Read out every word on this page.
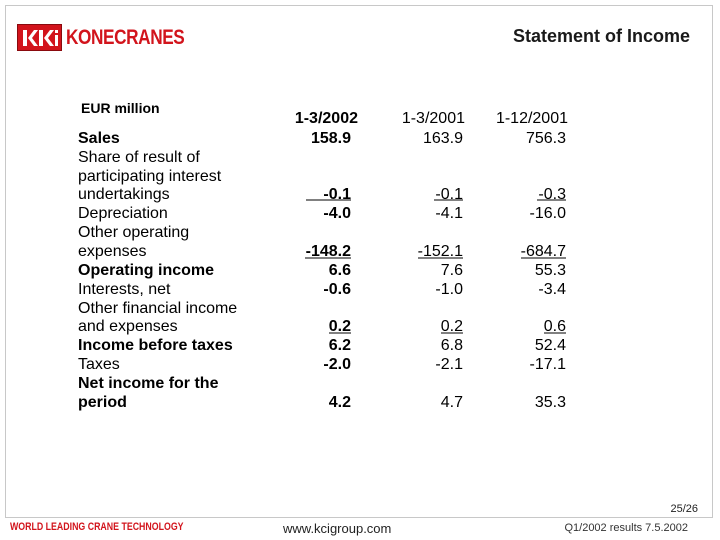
KONECRANES	Statement of Income
EUR million
1-3/2002	1-3/2001	1-12/2001
Sales	158.9	163.9	756.3
Share of result of
participating interest
undertakings	-0.1	-0.1	-0.3
Depreciation	-4.0	-4.1	-16.0
Other operating
expenses	-148.2	-152.1	-684.7
Operating income	6.6	7.6	55.3
Interests, net	-0.6	-1.0	-3.4
Other financial income
and expenses	0.2	0.2	0.6
Income before taxes	6.2	6.8	52.4
Taxes	-2.0	-2.1	-17.1
Net income for the
period	4.2	4.7	35.3
25/26
WORLD LEADING CRANE TECHNOLOGY	www.kcigroup.com	Q1/2002 results 7.5.2002
